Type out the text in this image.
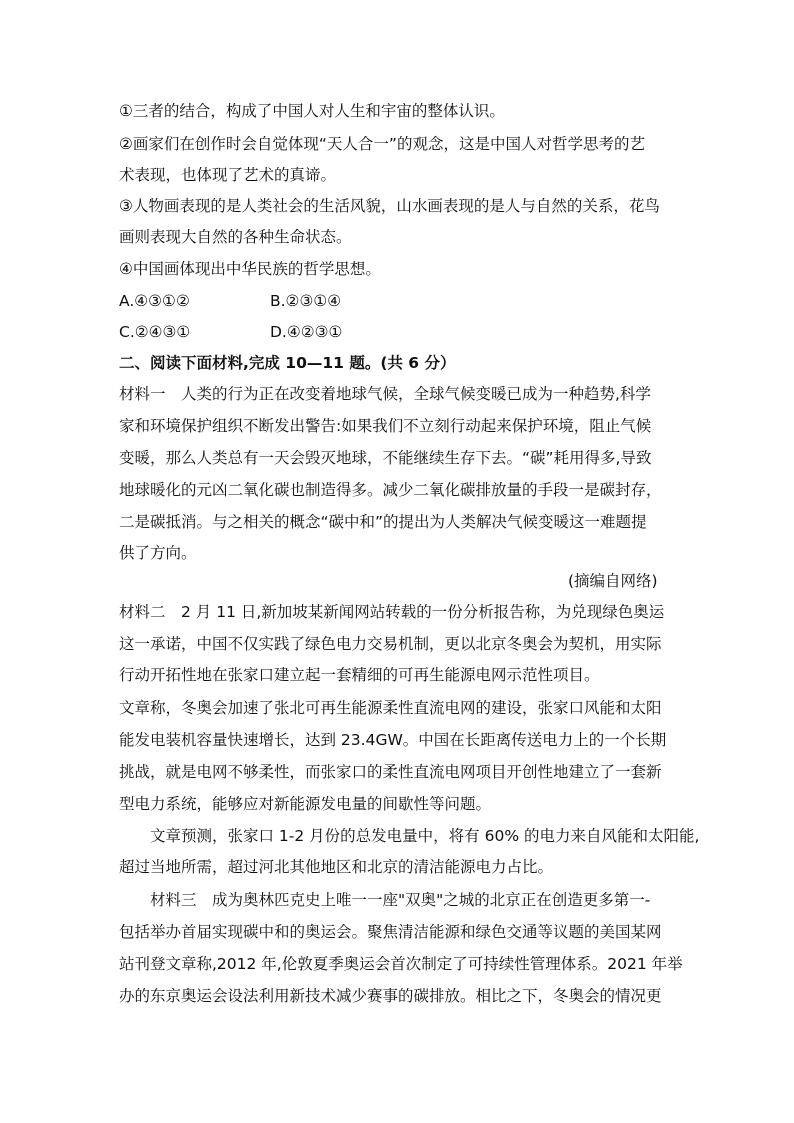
①三者的结合，构成了中国人对人生和宇宙的整体认识。
②画家们在创作时会自觉体现“天人合一”的观念，这是中国人对哲学思考的艺
术表现，也体现了艺术的真谛。
③人物画表现的是人类社会的生活风貌，山水画表现的是人与自然的关系，花鸟
画则表现大自然的各种生命状态。
④中国画体现出中华民族的哲学思想。
A.④③①②	B.②③①④
C.②④③①	D.④②③①
二、阅读下面材料,完成 10—11 题。(共 6 分）
材料一　人类的行为正在改变着地球气候，全球气候变暖已成为一种趋势,科学
家和环境保护组织不断发出警告:如果我们不立刻行动起来保护环境，阻止气候
变暖，那么人类总有一天会毁灭地球，不能继续生存下去。“碳”耗用得多,导致
地球暖化的元凶二氧化碳也制造得多。减少二氧化碳排放量的手段一是碳封存，
二是碳抵消。与之相关的概念“碳中和”的提出为人类解决气候变暖这一难题提
供了方向。
(摘编自网络)
材料二　2 月 11 日,新加坡某新闻网站转载的一份分析报告称，为兑现绿色奥运
这一承诺，中国不仅实践了绿色电力交易机制，更以北京冬奥会为契机，用实际
行动开拓性地在张家口建立起一套精细的可再生能源电网示范性项目。
文章称，冬奥会加速了张北可再生能源柔性直流电网的建设，张家口风能和太阳
能发电装机容量快速增长，达到 23.4GW。中国在长距离传送电力上的一个长期
挑战，就是电网不够柔性，而张家口的柔性直流电网项目开创性地建立了一套新
型电力系统，能够应对新能源发电量的间歇性等问题。
文章预测，张家口 1-2 月份的总发电量中，将有 60% 的电力来自风能和太阳能,
超过当地所需，超过河北其他地区和北京的清洁能源电力占比。
材料三　成为奥林匹克史上唯一一座"双奥"之城的北京正在创造更多第一-
包括举办首届实现碳中和的奥运会。聚焦清洁能源和绿色交通等议题的美国某网
站刊登文章称,2012 年,伦敦夏季奥运会首次制定了可持续性管理体系。2021 年举
办的东京奥运会设法利用新技术减少赛事的碳排放。相比之下，冬奥会的情况更
